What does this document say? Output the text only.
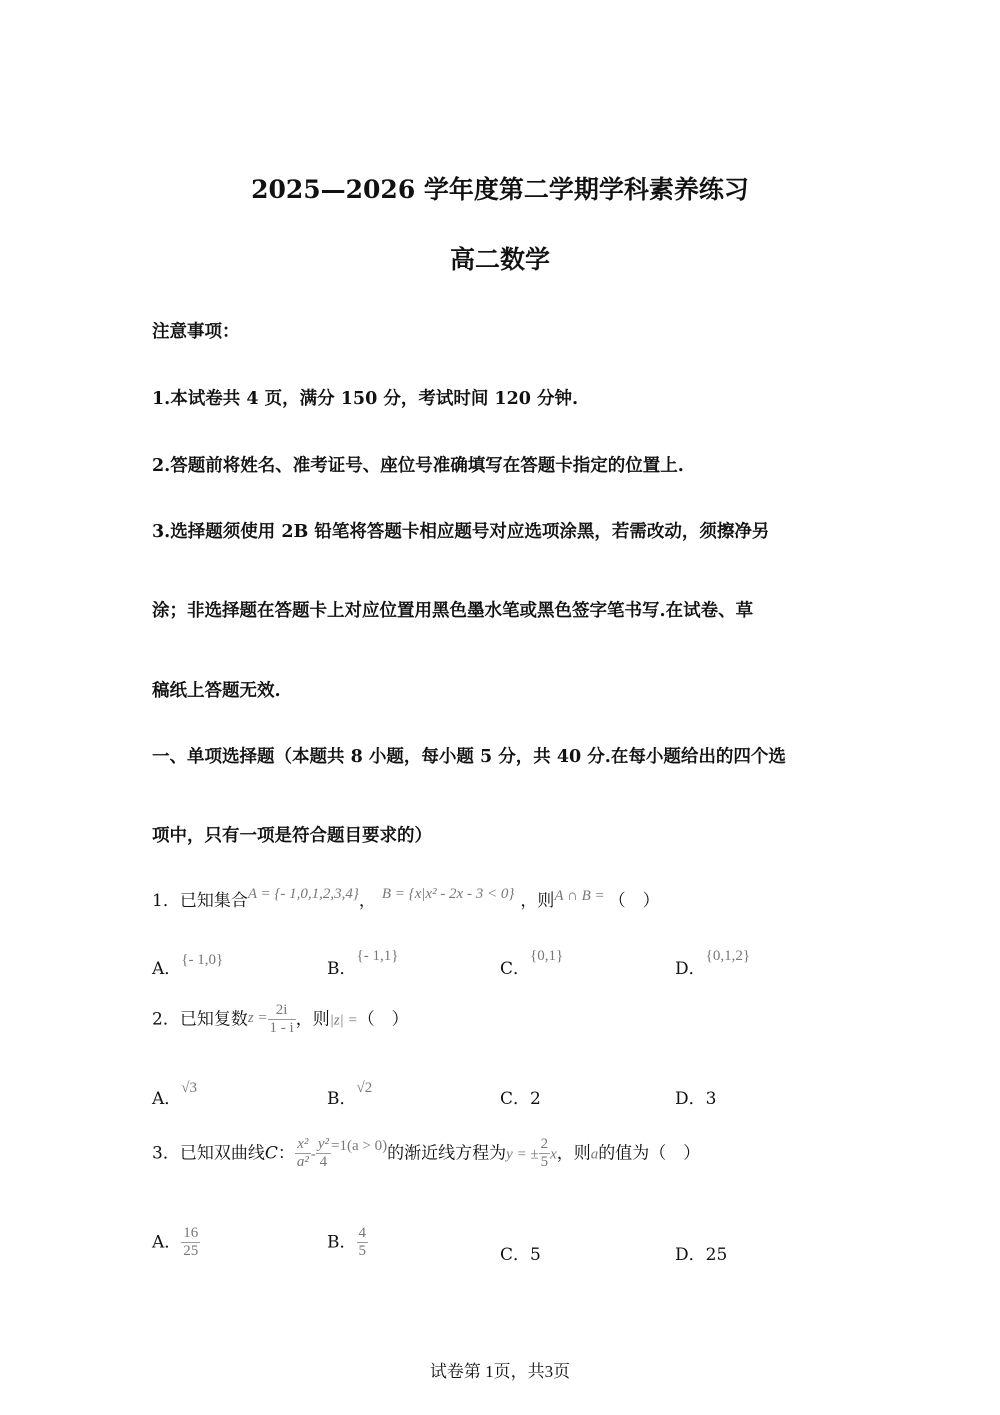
2025—2026 学年度第二学期学科素养练习
高二数学
注意事项：
1.本试卷共 4 页，满分 150 分，考试时间 120 分钟.
2.答题前将姓名、准考证号、座位号准确填写在答题卡指定的位置上.
3.选择题须使用 2B 铅笔将答题卡相应题号对应选项涂黑，若需改动，须擦净另
涂；非选择题在答题卡上对应位置用黑色墨水笔或黑色签字笔书写.在试卷、草
稿纸上答题无效.
一、单项选择题（本题共 8 小题，每小题 5 分，共 40 分.在每小题给出的四个选
项中，只有一项是符合题目要求的）
1．已知集合A = {- 1,0,1,2,3,4}， B = {x|x² - 2x - 3 < 0} ，则A ∩ B = （　）
A．{- 1,0}	B．{- 1,1}
C．{0,1}
D．{0,1,2}
2．已知复数$z = \frac{2i}{1 - i}$ ，则|z| =（　）
A．√3
B．√2
C．2	D．3
3．已知双曲线C： $\frac{\text{x²}}{\text{a²}} - \frac{\text{y²}}{4} =1(a > 0)$的渐近线方程为y = ± $\frac{2}{5}$ x，则a的值为（　）
A． $\frac{16}{25}$	B． $\frac{4}{5}$	C．5	D．25
试卷第 1页，共3页
